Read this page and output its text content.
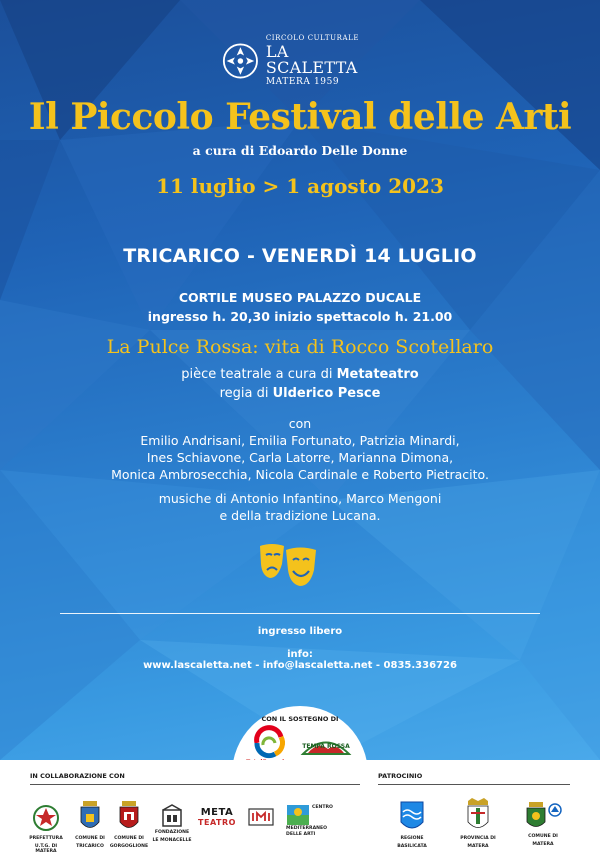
CIRCOLO CULTURALE
LA SCALETTA
MATERA 1959
Il Piccolo Festival delle Arti
a cura di Edoardo Delle Donne
11 luglio > 1 agosto 2023
TRICARICO - VENERDÌ 14 LUGLIO
CORTILE MUSEO PALAZZO DUCALE
ingresso h. 20,30 inizio spettacolo h. 21.00
La Pulce Rossa: vita di Rocco Scotellaro
pièce teatrale a cura di Metateatro
regia di Ulderico Pesce
con
Emilio Andrisani, Emilia Fortunato, Patrizia Minardi,
Ines Schiavone, Carla Latorre, Marianna Dimona,
Monica Ambrosecchia, Nicola Cardinale e Roberto Pietracito.
musiche di Antonio Infantino, Marco Mengoni
e della tradizione Lucana.
ingresso libero
info:
www.lascaletta.net - info@lascaletta.net - 0835.336726
CON IL SOSTEGNO DI
TEMPA ROSSA
IN COLLABORAZIONE CON	PATROCINIO
PREFETTURA
U.T.G. DI MATERA
COMUNE DI
TRICARICO
COMUNE DI
GORGOGLIONE
FONDAZIONE
LE MONACELLE
META
TEATRO
CENTRO
MEDITERRANEO
DELLE ARTI
REGIONE
BASILICATA
PROVINCIA DI
MATERA
COMUNE DI
MATERA
